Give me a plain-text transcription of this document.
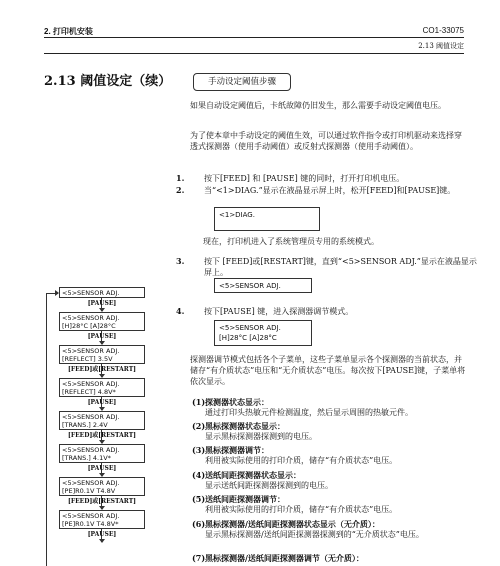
2. 打印机安装	CO1-33075
2.13 阈值设定
2.13 阈值设定（续）	手动设定阈值步骤

如果自动设定阈值后，卡纸故障仍旧发生，那么需要手动设定阈值电压。

为了使本章中手动设定的阈值生效，可以通过软件指令或打印机驱动来选择穿透式探测器（使用手动阈值）或反射式探测器（使用手动阈值）。

1. 按下[FEED] 和 [PAUSE] 键的同时，打开打印机电压。
2. 当“<1>DIAG.”显示在液晶显示屏上时，松开[FEED]和[PAUSE]键。
<1>DIAG.
现在，打印机进入了系统管理员专用的系统模式。
3. 按下 [FEED]或[RESTART]键，直到“<5>SENSOR ADJ.”显示在液晶显示屏上。
<5>SENSOR ADJ.
4. 按下[PAUSE] 键，进入探测器调节模式。
<5>SENSOR ADJ.
[H]28°C [A]28°C

探测器调节模式包括各个子菜单，这些子菜单显示各个探测器的当前状态，并储存“有介质状态”电压和“无介质状态”电压。每次按下[PAUSE]键，子菜单将依次显示。

(1) 探测器状态显示：
通过打印头热敏元件检测温度，然后显示周围的热敏元件。
(2) 黑标探测器状态显示：
显示黑标探测器探测到的电压。
(3) 黑标探测器调节：
利用被实际使用的打印介质，储存“有介质状态”电压。
(4) 送纸间距探测器状态显示：
显示送纸间距探测器探测到的电压。
(5) 送纸间距探测器调节：
利用被实际使用的打印介质，储存“有介质状态”电压。
(6) 黑标探测器/送纸间距探测器状态显示（无介质）：
显示黑标探测器/送纸间距探测器探测到的“无介质状态”电压。
(7) 黑标探测器/送纸间距探测器调节（无介质）：
<5>SENSOR ADJ.
[PAUSE]
<5>SENSOR ADJ.
[H]28°C [A]28°C
[PAUSE]
<5>SENSOR ADJ.
[REFLECT] 3.5V
[FEED]或[RESTART]
<5>SENSOR ADJ.
[REFLECT] 4.8V*
[PAUSE]
<5>SENSOR ADJ.
[TRANS.] 2.4V
[FEED]或[RESTART]
<5>SENSOR ADJ.
[TRANS.] 4.1V*
[PAUSE]
<5>SENSOR ADJ.
[PE]R0.1V T4.8V
[FEED]或[RESTART]
<5>SENSOR ADJ.
[PE]R0.1V T4.8V*
[PAUSE]
